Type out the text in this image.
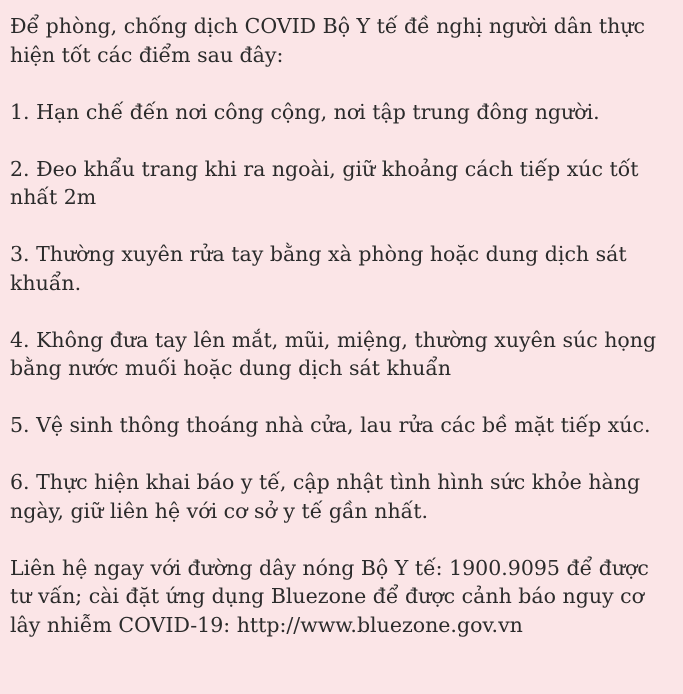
Để phòng, chống dịch COVID Bộ Y tế đề nghị người dân thực hiện tốt các điểm sau đây:

1. Hạn chế đến nơi công cộng, nơi tập trung đông người.

2. Đeo khẩu trang khi ra ngoài, giữ khoảng cách tiếp xúc tốt nhất 2m

3. Thường xuyên rửa tay bằng xà phòng hoặc dung dịch sát khuẩn.

4. Không đưa tay lên mắt, mũi, miệng, thường xuyên súc họng bằng nước muối hoặc dung dịch sát khuẩn

5. Vệ sinh thông thoáng nhà cửa, lau rửa các bề mặt tiếp xúc.

6. Thực hiện khai báo y tế, cập nhật tình hình sức khỏe hàng ngày, giữ liên hệ với cơ sở y tế gần nhất.

Liên hệ ngay với đường dây nóng Bộ Y tế: 1900.9095 để được tư vấn; cài đặt ứng dụng Bluezone để được cảnh báo nguy cơ lây nhiễm COVID-19: http://www.bluezone.gov.vn
